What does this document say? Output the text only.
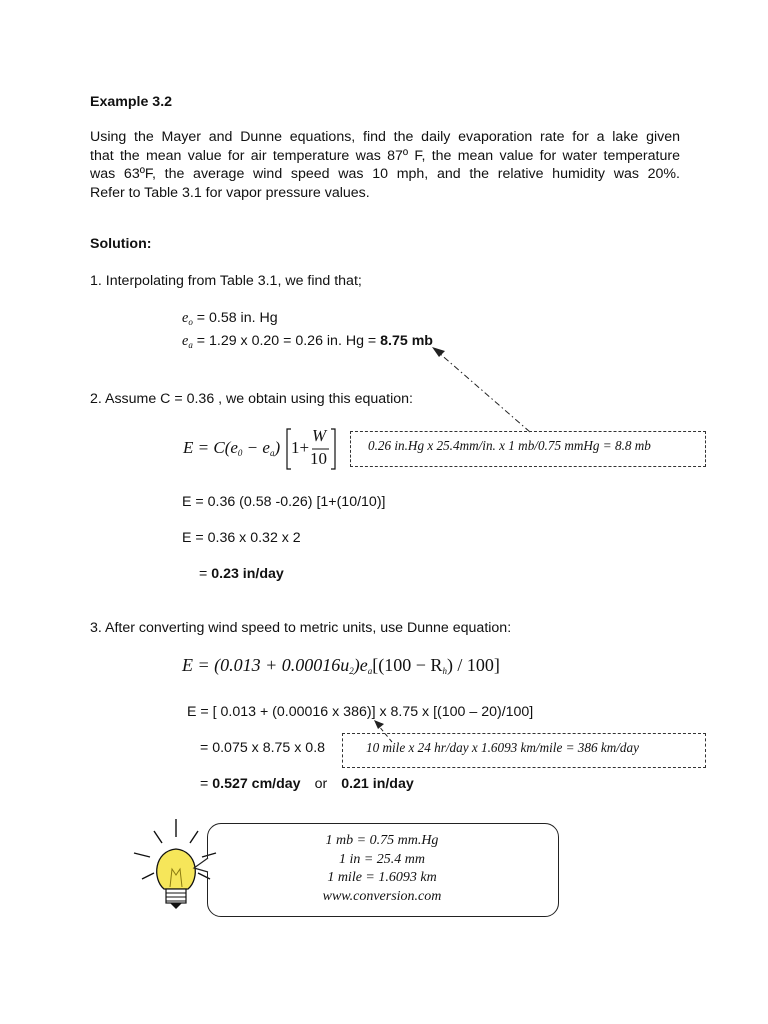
Example 3.2
Using the Mayer and Dunne equations, find the daily evaporation rate for a lake given
that the mean value for air temperature was 87º F, the mean value for water temperature
was 63ºF, the average wind speed was 10 mph, and the relative humidity was 20%.
Refer to Table 3.1 for vapor pressure values.
Solution:
1. Interpolating from Table 3.1, we find that;
$e_o = 0.58$ in. Hg
$e_a = 1.29$ x 0.20 = 0.26 in. Hg = 8.75 mb
2. Assume C = 0.36 , we obtain using this equation:
$E = C(e_0 - e_a)$ 1+
W
10
0.26 in.Hg x 25.4mm/in. x 1 mb/0.75 mmHg = 8.8 mb
E = 0.36 (0.58 -0.26) [1+(10/10)]
E = 0.36 x 0.32 x 2
= 0.23 in/day
3. After converting wind speed to metric units, use Dunne equation:
$E = (0.013 + 0.00016u_2)e_a[(100 - R_h) / 100]$
E = [ 0.013 + (0.00016 x 386)] x 8.75 x [(100 – 20)/100]
= 0.075 x 8.75 x 0.8	10 mile x 24 hr/day x 1.6093 km/mile = 386 km/day
= 0.527 cm/day or 0.21 in/day
1 mb = 0.75 mm.Hg
1 in = 25.4 mm
1 mile = 1.6093 km
www.conversion.com
